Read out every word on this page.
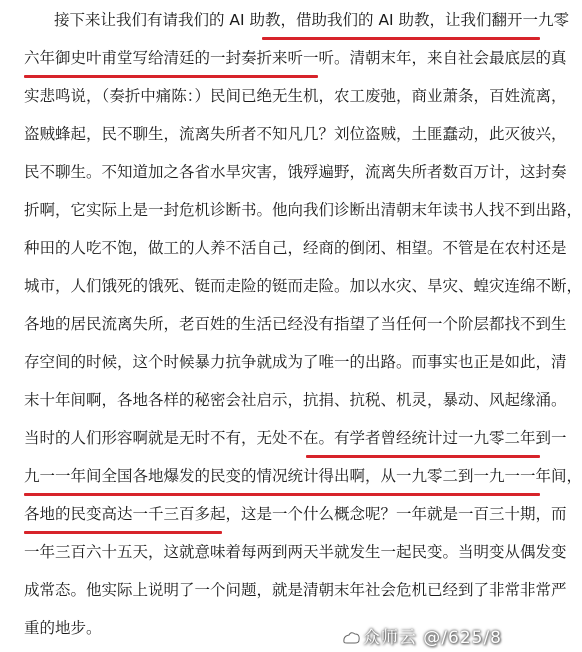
接下来让我们有请我们的 AI 助教，借助我们的 AI 助教，让我们翻开一九零
六年御史叶甫堂写给清廷的一封奏折来听一听。清朝末年，来自社会最底层的真
实悲鸣说，（奏折中痛陈：）民间已绝无生机，农工废弛，商业萧条，百姓流离，
盗贼蜂起，民不聊生，流离失所者不知凡几？刘位盗贼，土匪蠢动，此灭彼兴，
民不聊生。不知道加之各省水旱灾害，饿殍遍野，流离失所者数百万计，这封奏
折啊，它实际上是一封危机诊断书。他向我们诊断出清朝末年读书人找不到出路，
种田的人吃不饱，做工的人养不活自己，经商的倒闭、相望。不管是在农村还是
城市，人们饿死的饿死、铤而走险的铤而走险。加以水灾、旱灾、蝗灾连绵不断，
各地的居民流离失所，老百姓的生活已经没有指望了当任何一个阶层都找不到生
存空间的时候，这个时候暴力抗争就成为了唯一的出路。而事实也正是如此，清
末十年间啊，各地各样的秘密会社启示，抗捐、抗税、机灵，暴动、风起缘涌。
当时的人们形容啊就是无时不有，无处不在。有学者曾经统计过一九零二年到一
九一一年间全国各地爆发的民变的情况统计得出啊，从一九零二到一九一一年间，
各地的民变高达一千三百多起，这是一个什么概念呢？一年就是一百三十期，而
一年三百六十五天，这就意味着每两到两天半就发生一起民变。当明变从偶发变
成常态。他实际上说明了一个问题，就是清朝末年社会危机已经到了非常非常严
重的地步。	众师云 @/625/8
